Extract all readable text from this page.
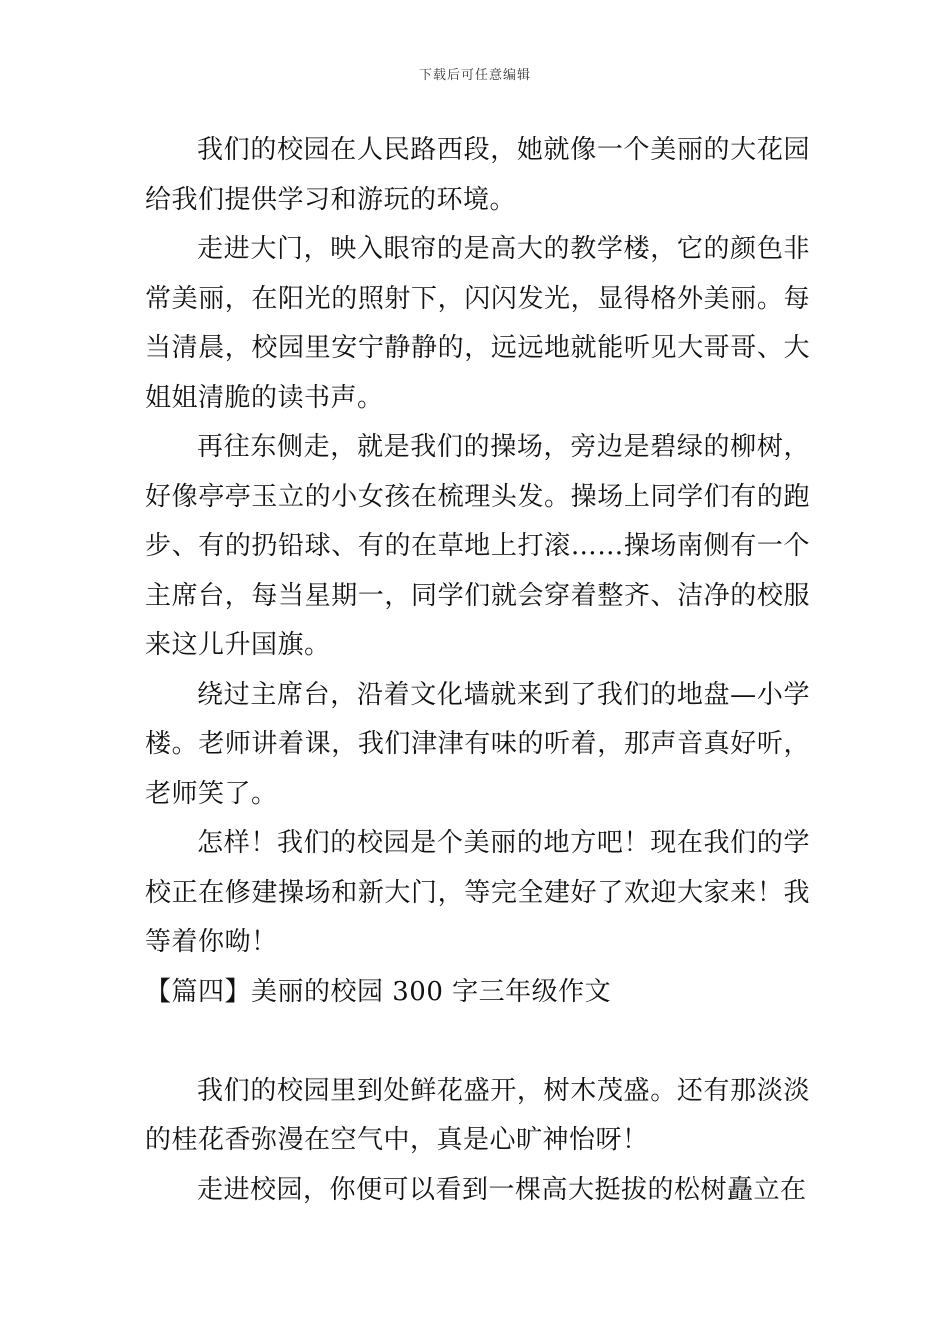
下载后可任意编辑

我们的校园在人民路西段，她就像一个美丽的大花园给我们提供学习和游玩的环境。

走进大门，映入眼帘的是高大的教学楼，它的颜色非常美丽，在阳光的照射下，闪闪发光，显得格外美丽。每当清晨，校园里安宁静静的，远远地就能听见大哥哥、大姐姐清脆的读书声。

再往东侧走，就是我们的操场，旁边是碧绿的柳树，好像亭亭玉立的小女孩在梳理头发。操场上同学们有的跑步、有的扔铅球、有的在草地上打滚……操场南侧有一个主席台，每当星期一，同学们就会穿着整齐、洁净的校服来这儿升国旗。

绕过主席台，沿着文化墙就来到了我们的地盘—小学楼。老师讲着课，我们津津有味的听着，那声音真好听，老师笑了。

怎样！我们的校园是个美丽的地方吧！现在我们的学校正在修建操场和新大门，等完全建好了欢迎大家来！我等着你呦！

【篇四】美丽的校园 300 字三年级作文

我们的校园里到处鲜花盛开，树木茂盛。还有那淡淡的桂花香弥漫在空气中，真是心旷神怡呀！

走进校园，你便可以看到一棵高大挺拔的松树矗立在
